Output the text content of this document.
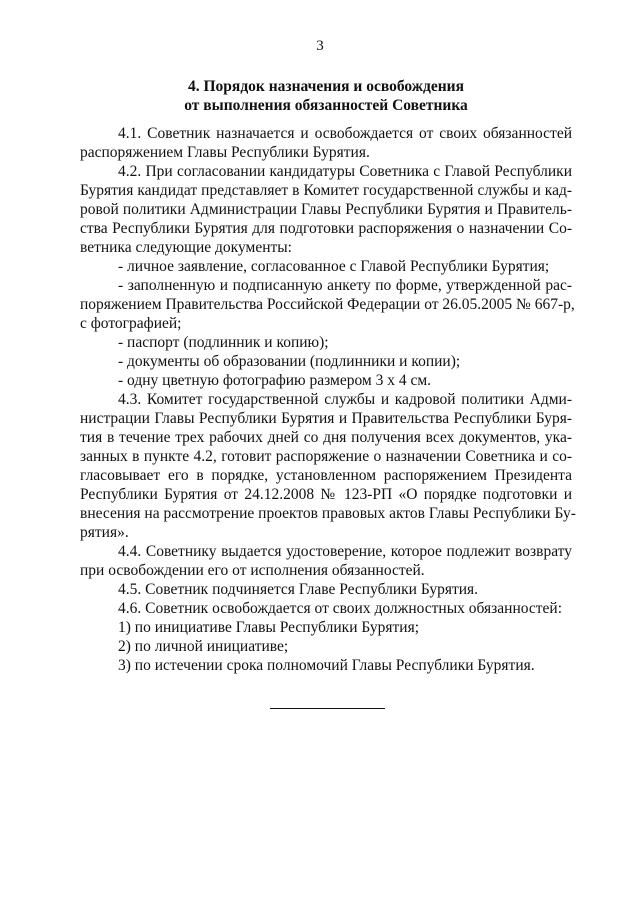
3
4. Порядок назначения и освобождения
от выполнения обязанностей Советника
4.1. Советник назначается и освобождается от своих обязанностей
распоряжением Главы Республики Бурятия.
4.2. При согласовании кандидатуры Советника с Главой Республики
Бурятия кандидат представляет в Комитет государственной службы и кад-
ровой политики Администрации Главы Республики Бурятия и Правитель-
ства Республики Бурятия для подготовки распоряжения о назначении Со-
ветника следующие документы:
- личное заявление, согласованное с Главой Республики Бурятия;
- заполненную и подписанную анкету по форме, утвержденной рас-
поряжением Правительства Российской Федерации от 26.05.2005 № 667-р,
с фотографией;
- паспорт (подлинник и копию);
- документы об образовании (подлинники и копии);
- одну цветную фотографию размером 3 х 4 см.
4.3. Комитет государственной службы и кадровой политики Адми-
нистрации Главы Республики Бурятия и Правительства Республики Буря-
тия в течение трех рабочих дней со дня получения всех документов, ука-
занных в пункте 4.2, готовит распоряжение о назначении Советника и со-
гласовывает его в порядке, установленном распоряжением Президента
Республики Бурятия от 24.12.2008 № 123-РП «О порядке подготовки и
внесения на рассмотрение проектов правовых актов Главы Республики Бу-
рятия».
4.4. Советнику выдается удостоверение, которое подлежит возврату
при освобождении его от исполнения обязанностей.
4.5. Советник подчиняется Главе Республики Бурятия.
4.6. Советник освобождается от своих должностных обязанностей:
1) по инициативе Главы Республики Бурятия;
2) по личной инициативе;
3) по истечении срока полномочий Главы Республики Бурятия.
